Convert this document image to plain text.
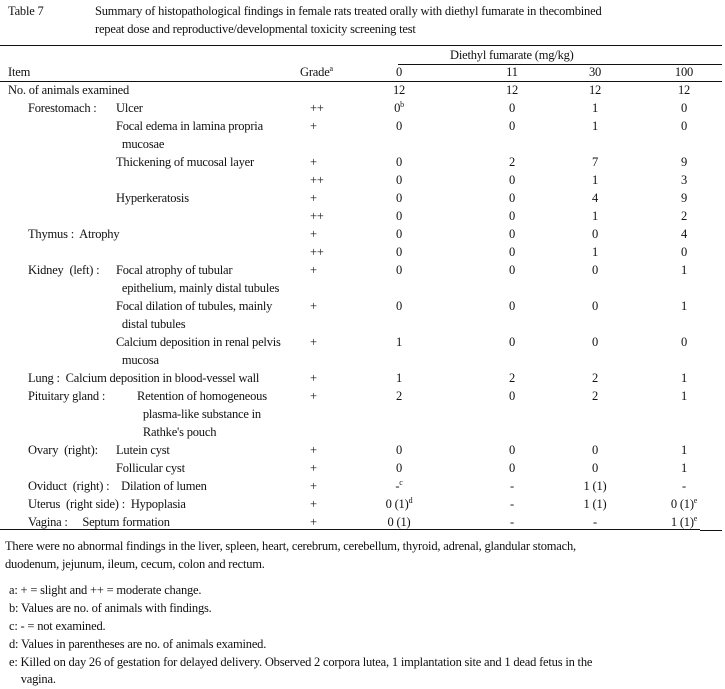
Table 7	Summary of histopathological findings in female rats treated orally with diethyl fumarate in thecombined
repeat dose and reproductive/developmental toxicity screening test
Diethyl fumarate (mg/kg)
Item	Grade$^a$	0	11	30	100
No. of animals examined	12	12	12	12
Forestomach : Ulcer	++	$0^b$	0	1	0
Focal edema in lamina propria
mucosae
+	0	0	1	0
Thickening of mucosal layer	+	0	2	7	9
++	0	0	1	3
Hyperkeratosis	+	0	0	4	9
++	0	0	1	2
Thymus :  Atrophy	+	0	0	0	4
++	0	0	1	0
Kidney  (left) : Focal atrophy of tubular
epithelium, mainly distal tubules
+	0	0	0	1
Focal dilation of tubules, mainly
distal tubules
+	0	0	0	1
Calcium deposition in renal pelvis
mucosa
+	1	0	0	0
Lung :  Calcium deposition in blood-vessel wall	+	1	2	2	1
Pituitary gland :	Retention of homogeneous
plasma-like substance in
Rathke's pouch
+	2	0	2	1
Ovary  (right): Lutein cyst	+	0	0	0	1
Follicular cyst	+	0	0	0	1
Oviduct  (right) :    Dilation of lumen	+	-$^c$	-	1 (1)	-
Uterus  (right side) :  Hypoplasia	+	0 $(1)^d$	-	1 (1)	0 $(1)^e$
Vagina :     Septum formation	+	0 (1)	-	-	1 $(1)^e$
There were no abnormal findings in the liver, spleen, heart, cerebrum, cerebellum, thyroid, adrenal, glandular stomach,
duodenum, jejunum, ileum, cecum, colon and rectum.
a: + = slight and ++ = moderate change.
b: Values are no. of animals with findings.
c: - = not examined.
d: Values in parentheses are no. of animals examined.
e: Killed on day 26 of gestation for delayed delivery. Observed 2 corpora lutea, 1 implantation site and 1 dead fetus in the
vagina.
